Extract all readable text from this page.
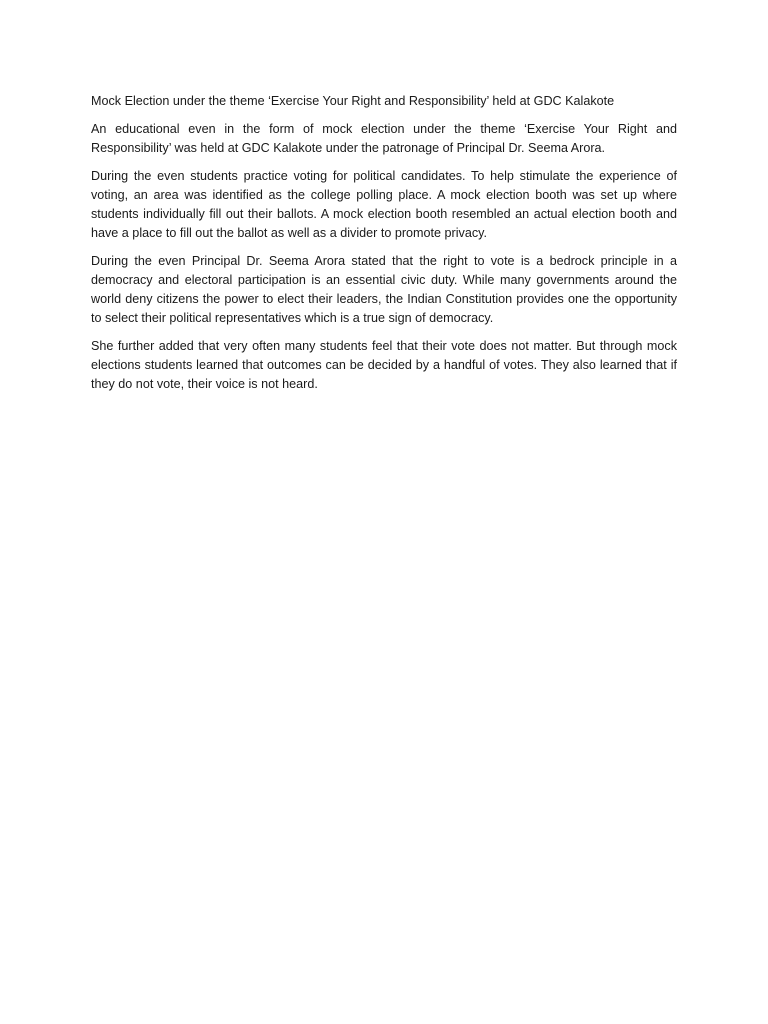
Mock Election under the theme ‘Exercise Your Right and Responsibility’ held at GDC Kalakote

An educational even in the form of mock election under the theme ‘Exercise Your Right and Responsibility’ was held at GDC Kalakote under the patronage of Principal Dr. Seema Arora.

During the even students practice voting for political candidates. To help stimulate the experience of voting, an area was identified as the college polling place. A mock election booth was set up where students individually fill out their ballots. A mock election booth resembled an actual election booth and have a place to fill out the ballot as well as a divider to promote privacy.

During the even Principal Dr. Seema Arora stated that the right to vote is a bedrock principle in a democracy and electoral participation is an essential civic duty. While many governments around the world deny citizens the power to elect their leaders, the Indian Constitution provides one the opportunity to select their political representatives which is a true sign of democracy.

She further added that very often many students feel that their vote does not matter. But through mock elections students learned that outcomes can be decided by a handful of votes. They also learned that if they do not vote, their voice is not heard.
